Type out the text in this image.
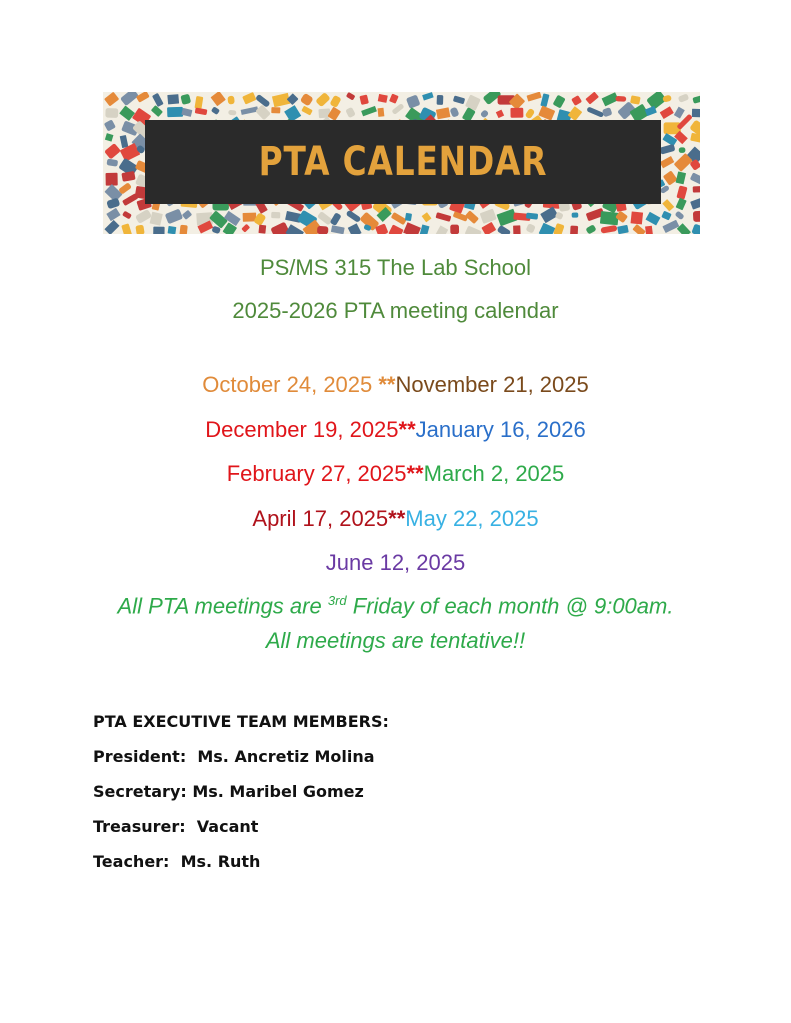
PTA CALENDAR
PS/MS 315 The Lab School
2025-2026 PTA meeting calendar
October 24, 2025 **November 21, 2025
December 19, 2025**January 16, 2026
February 27, 2025**March 2, 2025
April 17, 2025**May 22, 2025
June 12, 2025
All PTA meetings are $^{3rd}$ Friday of each month @ 9:00am.
All meetings are tentative!!
PTA EXECUTIVE TEAM MEMBERS:
President:  Ms. Ancretiz Molina
Secretary: Ms. Maribel Gomez
Treasurer:  Vacant
Teacher:  Ms. Ruth
